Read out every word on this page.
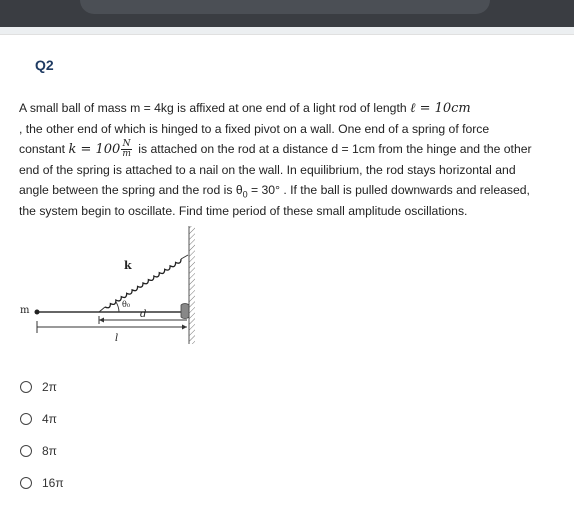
Q2
A small ball of mass m = 4kg is affixed at one end of a light rod of length ℓ = 10cm
, the other end of which is hinged to a fixed pivot on a wall. One end of a spring of force
constant $k = 100 \frac{N}{m}$ is attached on the rod at a distance d = 1cm from the hinge and the other
end of the spring is attached to a nail on the wall. In equilibrium, the rod stays horizontal and
angle between the spring and the rod is $\theta_0 = 30^\circ$ . If the ball is pulled downwards and released,
the system begin to oscillate. Find time period of these small amplitude oscillations.
m
k
θ₀
l
d
2π
4π
8π
16π
